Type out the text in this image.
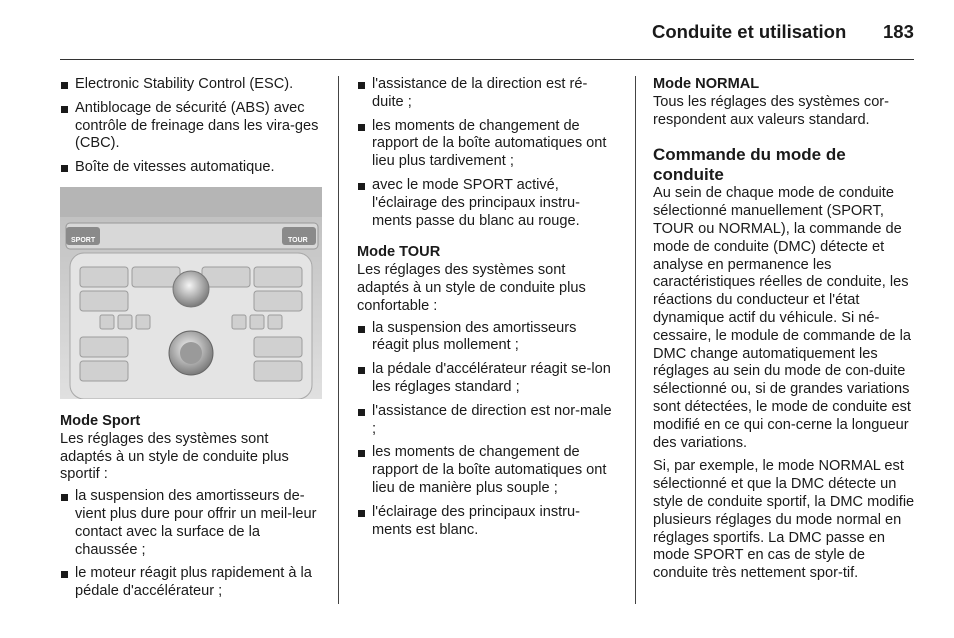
Conduite et utilisation 183
Electronic Stability Control (ESC).
Antiblocage de sécurité (ABS) avec contrôle de freinage dans les vira-ges (CBC).
Boîte de vitesses automatique.
SPORT	TOUR
Mode Sport

Les réglages des systèmes sont adaptés à un style de conduite plus sportif :

la suspension des amortisseurs de-vient plus dure pour offrir un meil-leur contact avec la surface de la chaussée ;
le moteur réagit plus rapidement à la pédale d'accélérateur ;
l'assistance de la direction est ré-duite ;
les moments de changement de rapport de la boîte automatiques ont lieu plus tardivement ;
avec le mode SPORT activé, l'éclairage des principaux instru-ments passe du blanc au rouge.
Mode TOUR

Les réglages des systèmes sont adaptés à un style de conduite plus confortable :

la suspension des amortisseurs réagit plus mollement ;
la pédale d'accélérateur réagit se-lon les réglages standard ;
l'assistance de direction est nor-male ;
les moments de changement de rapport de la boîte automatiques ont lieu de manière plus souple ;
l'éclairage des principaux instru-ments est blanc.
Mode NORMAL

Tous les réglages des systèmes cor-respondent aux valeurs standard.

Commande du mode de conduite

Au sein de chaque mode de conduite sélectionné manuellement (SPORT, TOUR ou NORMAL), la commande de mode de conduite (DMC) détecte et analyse en permanence les caractéristiques réelles de conduite, les réactions du conducteur et l'état dynamique actif du véhicule. Si né-cessaire, le module de commande de la DMC change automatiquement les réglages au sein du mode de con-duite sélectionné ou, si de grandes variations sont détectées, le mode de conduite est modifié en ce qui con-cerne la longueur des variations.

Si, par exemple, le mode NORMAL est sélectionné et que la DMC détecte un style de conduite sportif, la DMC modifie plusieurs réglages du mode normal en réglages sportifs. La DMC passe en mode SPORT en cas de style de conduite très nettement spor-tif.
